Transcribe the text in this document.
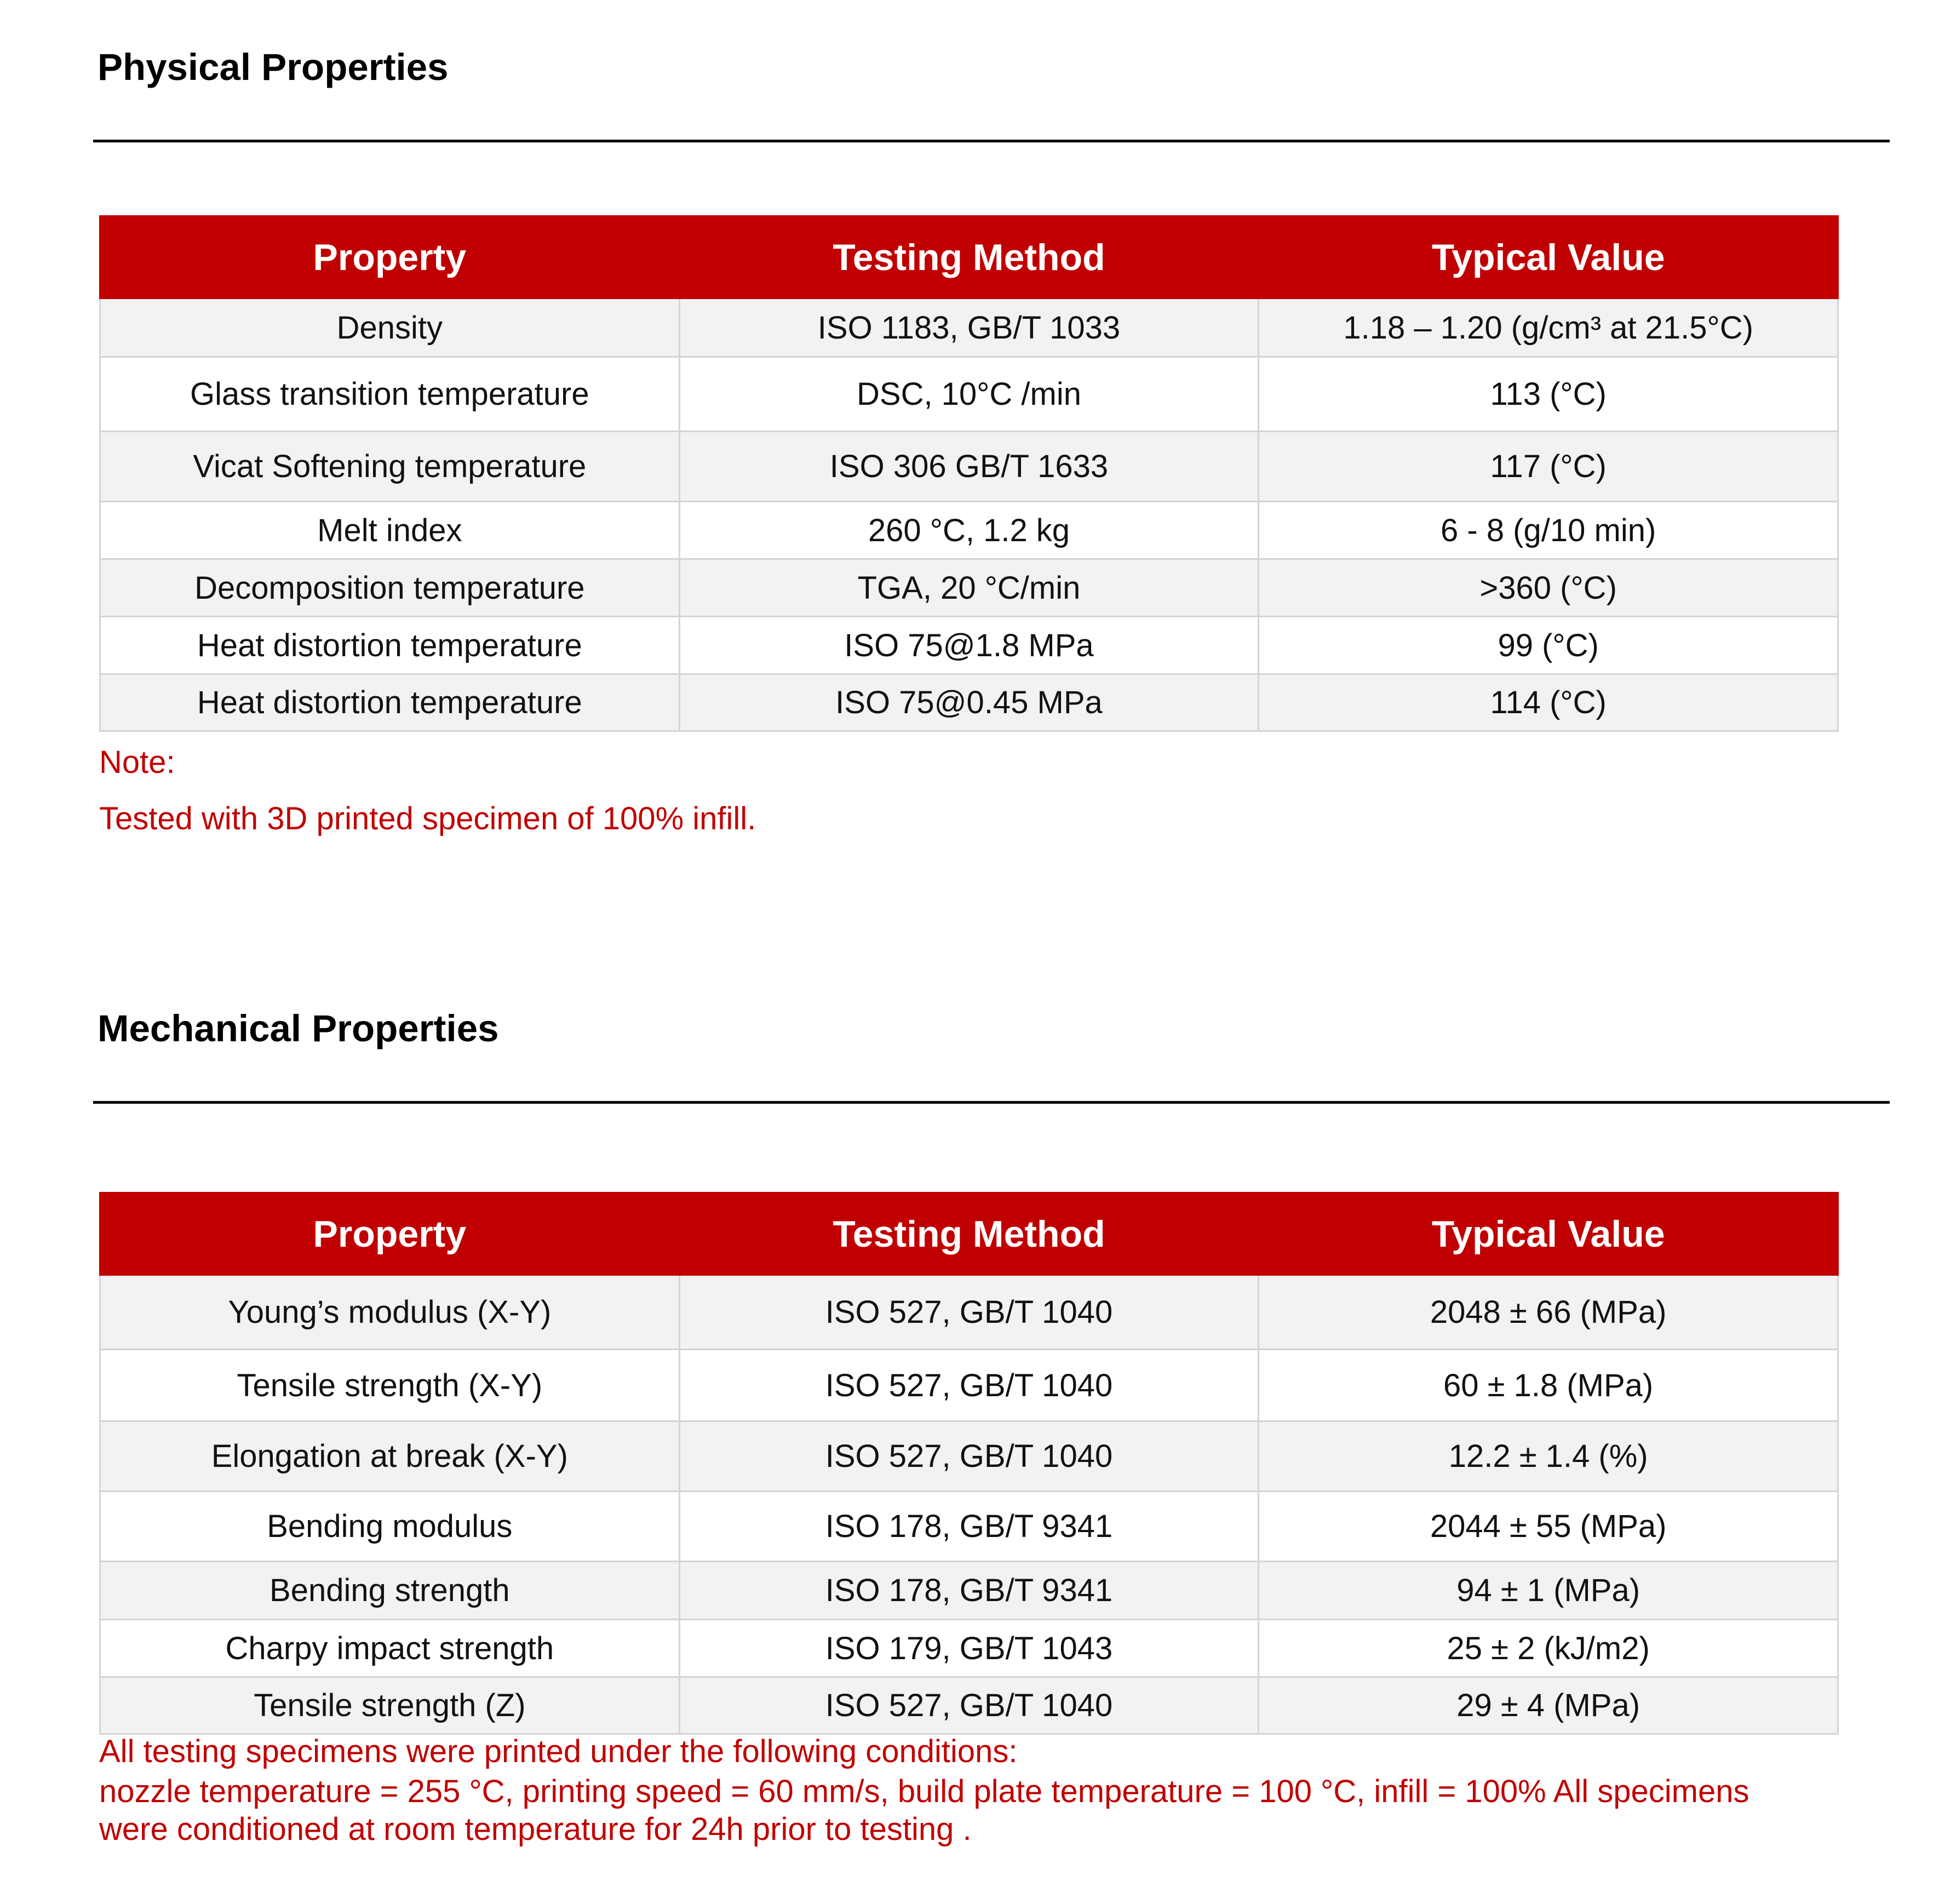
Physical Properties
Property	Testing Method	Typical Value
Density	ISO 1183, GB/T 1033	1.18 – 1.20 (g/cm³ at 21.5°C)
Glass transition temperature	DSC, 10°C /min	113 (°C)
Vicat Softening temperature	ISO 306 GB/T 1633	117 (°C)
Melt index	260 °C, 1.2 kg	6 - 8 (g/10 min)
Decomposition temperature	TGA, 20 °C/min	>360 (°C)
Heat distortion temperature	ISO 75@1.8 MPa	99 (°C)
Heat distortion temperature	ISO 75@0.45 MPa	114 (°C)

Note:

Tested with 3D printed specimen of 100% infill.

Mechanical Properties
Property	Testing Method	Typical Value
Young’s modulus (X-Y)	ISO 527, GB/T 1040	2048 ± 66 (MPa)
Tensile strength (X-Y)	ISO 527, GB/T 1040	60 ± 1.8 (MPa)
Elongation at break (X-Y)	ISO 527, GB/T 1040	12.2 ± 1.4 (%)
Bending modulus	ISO 178, GB/T 9341	2044 ± 55 (MPa)
Bending strength	ISO 178, GB/T 9341	94 ± 1 (MPa)
Charpy impact strength	ISO 179, GB/T 1043	25 ± 2 (kJ/m2)
Tensile strength (Z)	ISO 527, GB/T 1040	29 ± 4 (MPa)

All testing specimens were printed under the following conditions:

nozzle temperature = 255 °C, printing speed = 60 mm/s, build plate temperature = 100 °C, infill = 100% All specimens

were conditioned at room temperature for 24h prior to testing .
